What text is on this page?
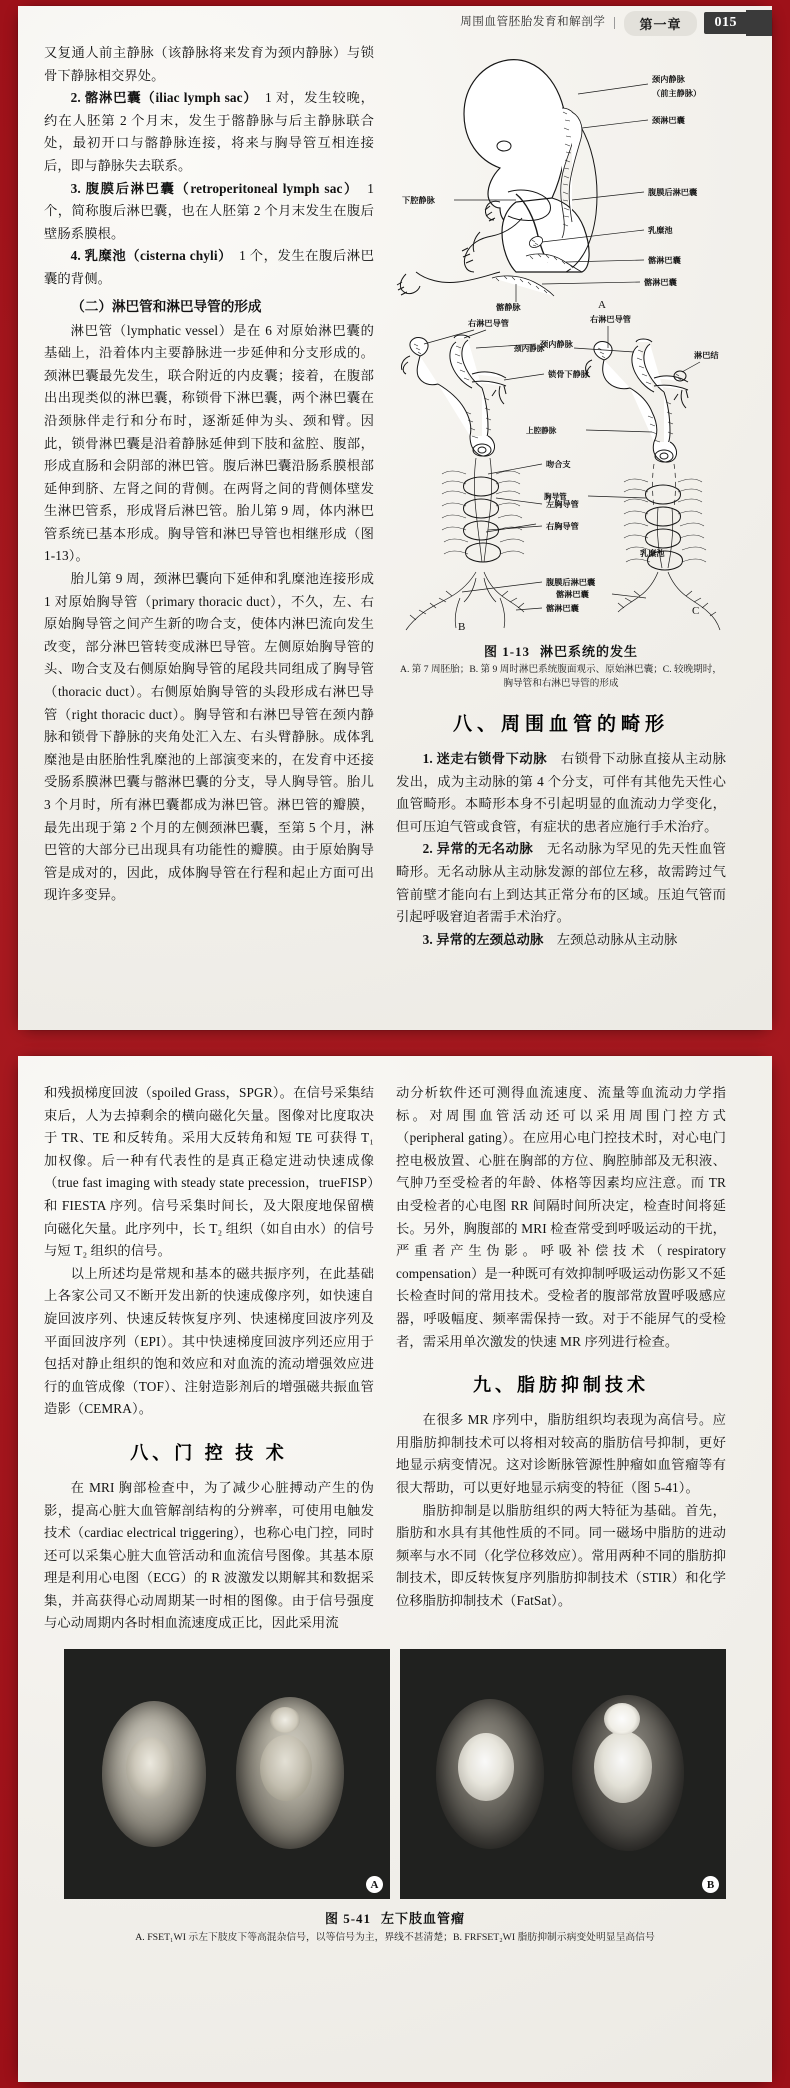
周围血管胚胎发育和解剖学	第一章	015

又复通人前主静脉（该静脉将来发育为颈内静脉）与锁骨下静脉相交界处。

2. 髂淋巴囊（iliac lymph sac）　1 对，发生较晚，约在人胚第 2 个月末，发生于髂静脉与后主静脉联合处，最初开口与髂静脉连接，将来与胸导管互相连接后，即与静脉失去联系。

3. 腹膜后淋巴囊（retroperitoneal lymph sac）　1 个，简称腹后淋巴囊，也在人胚第 2 个月末发生在腹后壁肠系膜根。

4. 乳糜池（cisterna chyli）　1 个，发生在腹后淋巴囊的背侧。

（二）淋巴管和淋巴导管的形成

淋巴管（lymphatic vessel）是在 6 对原始淋巴囊的基础上，沿着体内主要静脉进一步延伸和分支形成的。颈淋巴囊最先发生，联合附近的内皮囊；接着，在腹部出出现类似的淋巴囊，称锁骨下淋巴囊，两个淋巴囊在沿颈脉伴走行和分布时，逐渐延伸为头、颈和臂。因此，锁骨淋巴囊是沿着静脉延伸到下肢和盆腔、腹部，形成直肠和会阴部的淋巴管。腹后淋巴囊沿肠系膜根部延伸到脐、左肾之间的背侧。在两肾之间的背侧体壁发生淋巴管系，形成肾后淋巴管。胎儿第 9 周，体内淋巴管系统已基本形成。胸导管和淋巴导管也相继形成（图 1-13）。

胎儿第 9 周，颈淋巴囊向下延伸和乳糜池连接形成 1 对原始胸导管（primary thoracic duct），不久，左、右原始胸导管之间产生新的吻合支，使体内淋巴流向发生改变，部分淋巴管转变成淋巴导管。左侧原始胸导管的头、吻合支及右侧原始胸导管的尾段共同组成了胸导管（thoracic duct）。右侧原始胸导管的头段形成右淋巴导管（right thoracic duct）。胸导管和右淋巴导管在颈内静脉和锁骨下静脉的夹角处汇入左、右头臂静脉。成体乳糜池是由胚胎性乳糜池的上部演变来的，在发育中还接受肠系膜淋巴囊与髂淋巴囊的分支，导人胸导管。胎儿 3 个月时，所有淋巴囊都成为淋巴管。淋巴管的瓣膜，最先出现于第 2 个月的左侧颈淋巴囊，至第 5 个月，淋巴管的大部分已出现具有功能性的瓣膜。由于原始胸导管是成对的，因此，成体胸导管在行程和起止方面可出现许多变异。

颈内静脉
（前主静脉）
颈淋巴囊
下腔静脉
腹膜后淋巴囊
乳糜池
髂淋巴囊
髂静脉
髂淋巴囊
A
右淋巴导管
颈内静脉
锁骨下静脉
吻合支
左胸导管
右胸导管
右淋巴导管
颈内静脉
淋巴结
上腔静脉
胸导管
腹膜后淋巴囊
髂淋巴囊
B
髂淋巴囊
C
乳糜池
图 1-13 淋巴系统的发生
A. 第 7 周胚胎；B. 第 9 周时淋巴系统腹面观示、原始淋巴囊；C. 较晚期时，胸导管和右淋巴导管的形成
八、周围血管的畸形

1. 迷走右锁骨下动脉　右锁骨下动脉直接从主动脉发出，成为主动脉的第 4 个分支，可伴有其他先天性心血管畸形。本畸形本身不引起明显的血流动力学变化，但可压迫气管或食管，有症状的患者应施行手术治疗。

2. 异常的无名动脉　无名动脉为罕见的先天性血管畸形。无名动脉从主动脉发源的部位左移，故需跨过气管前壁才能向右上到达其正常分布的区域。压迫气管而引起呼吸窘迫者需手术治疗。

3. 异常的左颈总动脉　左颈总动脉从主动脉

和残损梯度回波（spoiled Grass，SPGR）。在信号采集结束后，人为去掉剩余的横向磁化矢量。图像对比度取决于 TR、TE 和反转角。采用大反转角和短 TE 可获得 T₁ 加权像。后一种有代表性的是真正稳定进动快速成像（true fast imaging with steady state precession，trueFISP）和 FIESTA 序列。信号采集时间长，及大限度地保留横向磁化矢量。此序列中，长 T₂ 组织（如自由水）的信号与短 T₂ 组织的信号。

以上所述均是常规和基本的磁共振序列，在此基础上各家公司又不断开发出新的快速成像序列，如快速自旋回波序列、快速反转恢复序列、快速梯度回波序列及平面回波序列（EPI）。其中快速梯度回波序列还应用于包括对静止组织的饱和效应和对血流的流动增强效应进行的血管成像（TOF）、注射造影剂后的增强磁共振血管造影（CEMRA）。

八、门 控 技 术

在 MRI 胸部检查中，为了减少心脏搏动产生的伪影，提高心脏大血管解剖结构的分辨率，可使用电触发技术（cardiac electrical triggering），也称心电门控，同时还可以采集心脏大血管活动和血流信号图像。其基本原理是利用心电图（ECG）的 R 波激发以期解其和数据采集，并高获得心动周期某一时相的图像。由于信号强度与心动周期内各时相血流速度成正比，因此采用流

动分析软件还可测得血流速度、流量等血流动力学指标。对周围血管活动还可以采用周围门控方式（peripheral gating）。在应用心电门控技术时，对心电门控电极放置、心脏在胸部的方位、胸腔肺部及无积液、气肿乃至受检者的年龄、体格等因素均应注意。而 TR 由受检者的心电图 RR 间隔时间所决定，检查时间将延长。另外，胸腹部的 MRI 检查常受到呼吸运动的干扰，严重者产生伪影。呼吸补偿技术（respiratory compensation）是一种既可有效抑制呼吸运动伤影又不延长检查时间的常用技术。受检者的腹部常放置呼吸感应器，呼吸幅度、频率需保持一致。对于不能屏气的受检者，需采用单次激发的快速 MR 序列进行检查。

九、脂肪抑制技术

在很多 MR 序列中，脂肪组织均表现为高信号。应用脂肪抑制技术可以将相对较高的脂肪信号抑制，更好地显示病变情况。这对诊断脉管源性肿瘤如血管瘤等有很大帮助，可以更好地显示病变的特征（图 5-41）。

脂肪抑制是以脂肪组织的两大特征为基础。首先，脂肪和水具有其他性质的不同。同一磁场中脂肪的进动频率与水不同（化学位移效应）。常用两种不同的脂肪抑制技术，即反转恢复序列脂肪抑制技术（STIR）和化学位移脂肪抑制技术（FatSat）。

A	B
图 5-41 左下肢血管瘤
A. FSET₁WI 示左下肢皮下等高混杂信号，以等信号为主，界线不甚清楚；B. FRFSET₂WI 脂肪抑制示病变处明显呈高信号
